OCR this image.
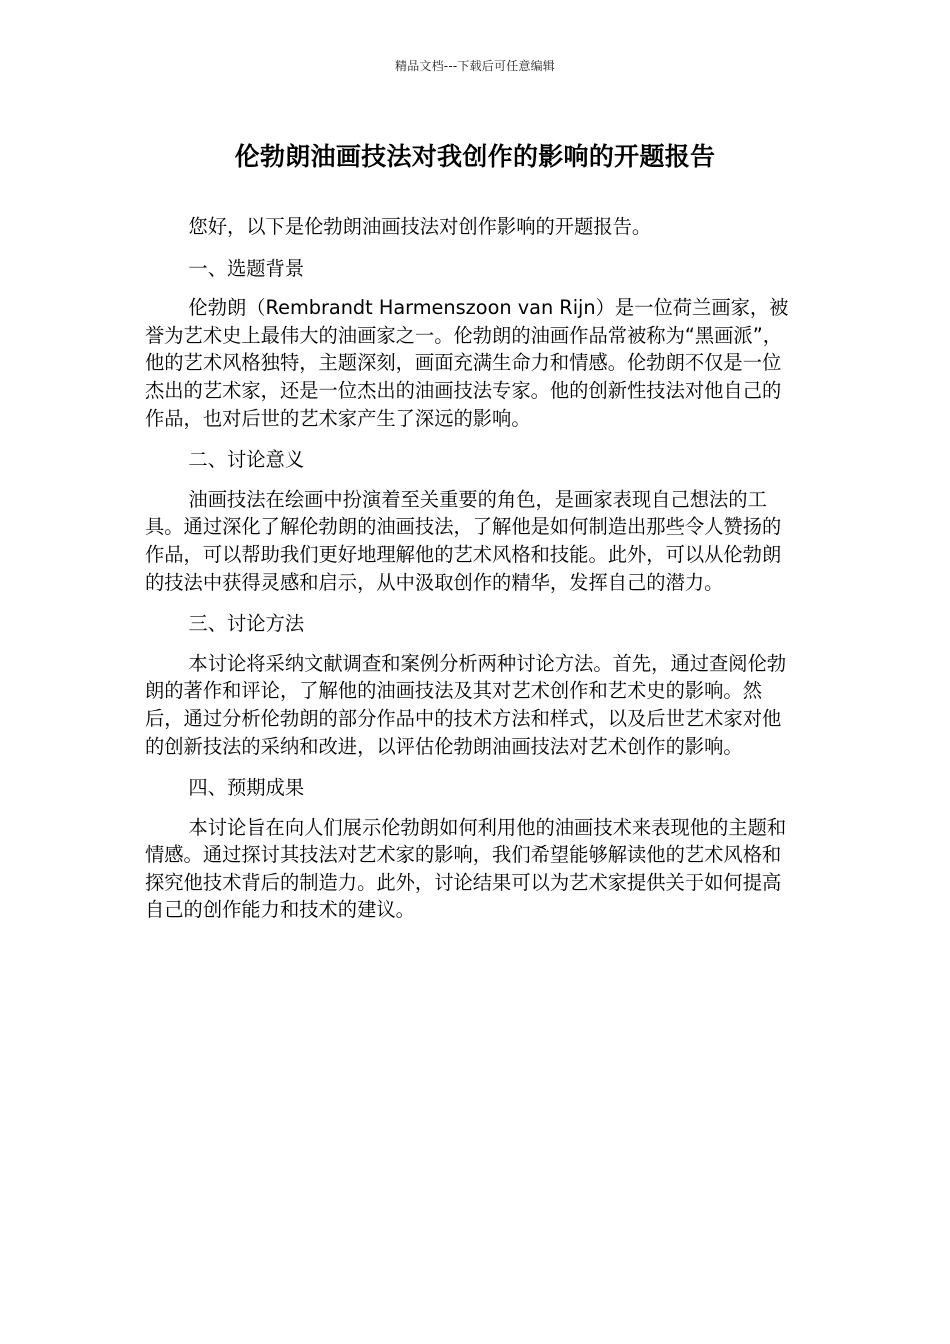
精品文档---下载后可任意编辑
伦勃朗油画技法对我创作的影响的开题报告

您好，以下是伦勃朗油画技法对创作影响的开题报告。

一、选题背景

伦勃朗（Rembrandt Harmenszoon van Rijn）是一位荷兰画家，被誉为艺术史上最伟大的油画家之一。伦勃朗的油画作品常被称为“黑画派”，他的艺术风格独特，主题深刻，画面充满生命力和情感。伦勃朗不仅是一位杰出的艺术家，还是一位杰出的油画技法专家。他的创新性技法对他自己的作品，也对后世的艺术家产生了深远的影响。

二、讨论意义

油画技法在绘画中扮演着至关重要的角色，是画家表现自己想法的工具。通过深化了解伦勃朗的油画技法，了解他是如何制造出那些令人赞扬的作品，可以帮助我们更好地理解他的艺术风格和技能。此外，可以从伦勃朗的技法中获得灵感和启示，从中汲取创作的精华，发挥自己的潜力。

三、讨论方法

本讨论将采纳文献调查和案例分析两种讨论方法。首先，通过查阅伦勃朗的著作和评论，了解他的油画技法及其对艺术创作和艺术史的影响。然后，通过分析伦勃朗的部分作品中的技术方法和样式，以及后世艺术家对他的创新技法的采纳和改进，以评估伦勃朗油画技法对艺术创作的影响。

四、预期成果

本讨论旨在向人们展示伦勃朗如何利用他的油画技术来表现他的主题和情感。通过探讨其技法对艺术家的影响，我们希望能够解读他的艺术风格和探究他技术背后的制造力。此外，讨论结果可以为艺术家提供关于如何提高自己的创作能力和技术的建议。
